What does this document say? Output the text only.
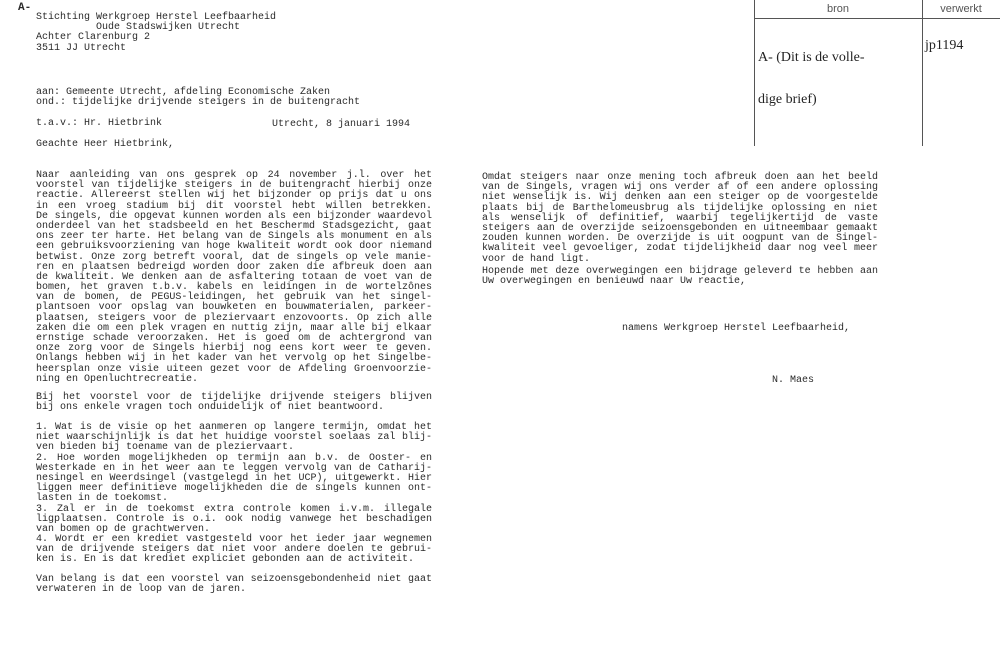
A-
Stichting Werkgroep Herstel Leefbaarheid
Oude Stadswijken Utrecht
Achter Clarenburg 2
3511 JJ Utrecht

aan: Gemeente Utrecht, afdeling Economische Zaken

t.a.v.: Hr. Hietbrink

ond.: tijdelijke drijvende steigers in de buitengracht
Utrecht, 8 januari 1994
Geachte Heer Hietbrink,
bron	verwerkt

A- (Dit is de volle-

dige brief)

jp1194
Naar aanleiding van ons gesprek op 24 november j.l. over het
voorstel van tijdelijke steigers in de buitengracht hierbij onze
reactie. Allereerst stellen wij het bijzonder op prijs dat u ons
in een vroeg stadium bij dit voorstel hebt willen betrekken.
De singels, die opgevat kunnen worden als een bijzonder waardevol
onderdeel van het stadsbeeld en het Beschermd Stadsgezicht, gaat
ons zeer ter harte. Het belang van de Singels als monument en als
een gebruiksvoorziening van hoge kwaliteit wordt ook door niemand
betwist. Onze zorg betreft vooral, dat de singels op vele manie-
ren en plaatsen bedreigd worden door zaken die afbreuk doen aan
de kwaliteit. We denken aan de asfaltering totaan de voet van de
bomen, het graven t.b.v. kabels en leidingen in de wortelzônes
van de bomen, de PEGUS-leidingen, het gebruik van het singel-
plantsoen voor opslag van bouwketen en bouwmaterialen, parkeer-
plaatsen, steigers voor de pleziervaart enzovoorts. Op zich alle
zaken die om een plek vragen en nuttig zijn, maar alle bij elkaar
ernstige schade veroorzaken. Het is goed om de achtergrond van
onze zorg voor de Singels hierbij nog eens kort weer te geven.
Onlangs hebben wij in het kader van het vervolg op het Singelbe-
heersplan onze visie uiteen gezet voor de Afdeling Groenvoorzie-
ning en Openluchtrecreatie.
Bij het voorstel voor de tijdelijke drijvende steigers blijven
bij ons enkele vragen toch onduidelijk of niet beantwoord.
1. Wat is de visie op het aanmeren op langere termijn, omdat het
niet waarschijnlijk is dat het huidige voorstel soelaas zal blij-
ven bieden bij toename van de pleziervaart.
2. Hoe worden mogelijkheden op termijn aan b.v. de Ooster- en
Westerkade en in het weer aan te leggen vervolg van de Catharij-
nesingel en Weerdsingel (vastgelegd in het UCP), uitgewerkt. Hier
liggen meer definitieve mogelijkheden die de singels kunnen ont-
lasten in de toekomst.
3. Zal er in de toekomst extra controle komen i.v.m. illegale
ligplaatsen. Controle is o.i. ook nodig vanwege het beschadigen
van bomen op de grachtwerven.
4. Wordt er een krediet vastgesteld voor het ieder jaar wegnemen
van de drijvende steigers dat niet voor andere doelen te gebrui-
ken is. En is dat krediet expliciet gebonden aan de activiteit.
Van belang is dat een voorstel van seizoensgebondenheid niet gaat
verwateren in de loop van de jaren.
Omdat steigers naar onze mening toch afbreuk doen aan het beeld
van de Singels, vragen wij ons verder af of een andere oplossing
niet wenselijk is. Wij denken aan een steiger op de voorgestelde
plaats bij de Barthelomeusbrug als tijdelijke oplossing en niet
als wenselijk of definitief, waarbij tegelijkertijd de vaste
steigers aan de overzijde seizoensgebonden en uitneembaar gemaakt
zouden kunnen worden. De overzijde is uit oogpunt van de Singel-
kwaliteit veel gevoeliger, zodat tijdelijkheid daar nog veel meer
voor de hand ligt.
Hopende met deze overwegingen een bijdrage geleverd te hebben aan
Uw overwegingen en benieuwd naar Uw reactie,
namens Werkgroep Herstel Leefbaarheid,
N. Maes
